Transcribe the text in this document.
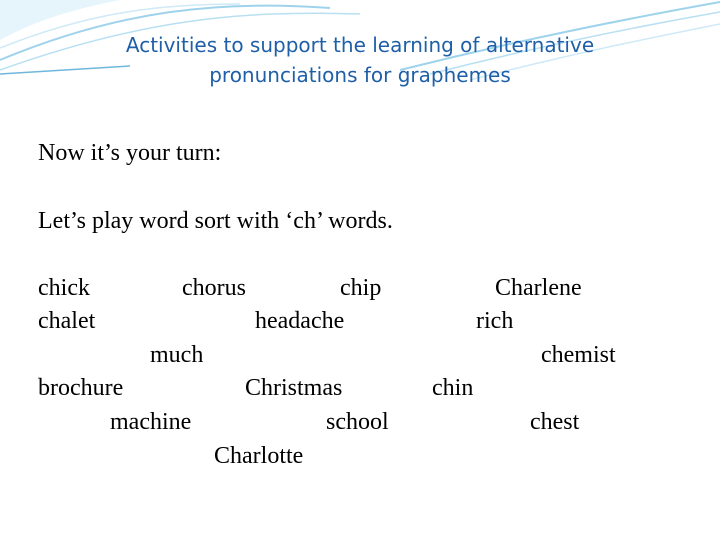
Activities to support the learning of alternative
pronunciations for graphemes
Now it’s your turn:
Let’s play word sort with ‘ch’ words.
chick	chorus	chip	Charlene
chalet	headache	rich
much	chemist
brochure	Christmas	chin
machine	school	chest
Charlotte
